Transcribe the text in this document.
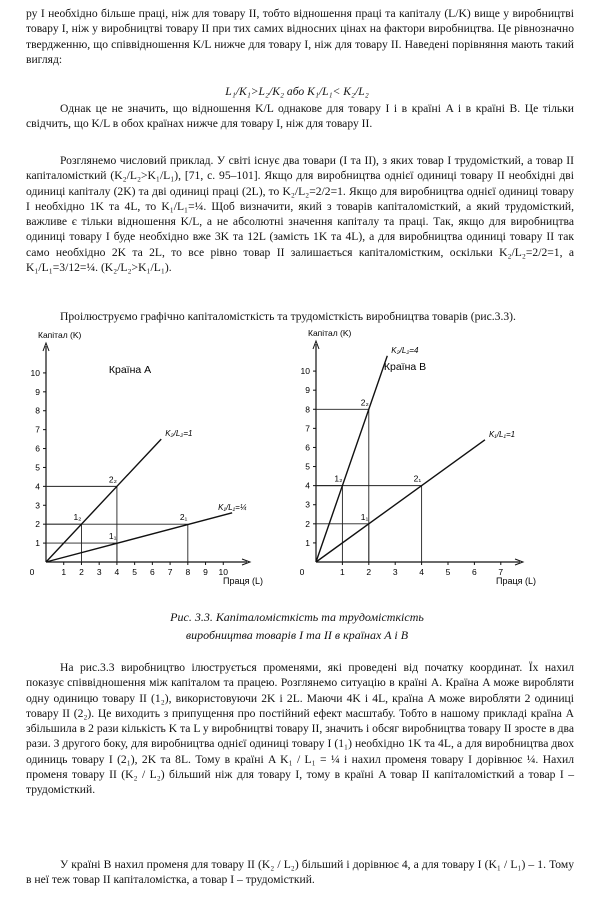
ру І необхідно більше праці, ніж для товару ІІ, тобто відношення праці та капіталу (L/K) вище у виробництві товару І, ніж у виробництві товару ІІ при тих самих відносних цінах на фактори виробництва. Це рівнозначно твердженню, що співвідношення K/L нижче для товару І, ніж для товару ІІ. Наведені порівняння мають такий вигляд:

L₁/K₁>L₂/K₂ або K₁/L₁< K₂/L₂

Однак це не значить, що відношення K/L однакове для товару І і в країні A і в країні B. Це тільки свідчить, що K/L в обох країнах нижче для товару І, ніж для товару ІІ.

Розглянемо числовий приклад. У світі існує два товари (І та ІІ), з яких товар І трудомісткий, а товар ІІ капіталомісткий (K₂/L₂>K₁/L₁), [71, с. 95–101]. Якщо для виробництва однієї одиниці товару ІІ необхідні дві одиниці капіталу (2K) та дві одиниці праці (2L), то K₂/L₂=2/2=1. Якщо для виробництва однієї одиниці товару І необхідно 1K та 4L, то K₁/L₁=¼. Щоб визначити, який з товарів капіталомісткий, а який трудомісткий, важливе є тільки відношення K/L, а не абсолютні значення капіталу та праці. Так, якщо для виробництва одиниці товару І буде необхідно вже 3K та 12L (замість 1K та 4L), а для виробництва одиниці товару ІІ так само необхідно 2K та 2L, то все рівно товар ІІ залишається капіталомістким, оскільки K₂/L₂=2/2=1, а K₁/L₁=3/12=¼. (K₂/L₂>K₁/L₁).

Проілюструємо графічно капіталомісткість та трудомісткість виробництва товарів (рис.3.3).

Капітал (K)
Праця (L)
Країна A
1
2
3
4
5
6
7
8
9
10
0	1 2 3 4 5 6 7 8 9 10
K₂/L₂=1
K₁/L₁=¼
1₂
2₂
1₁
2₁
Капітал (K)
Праця (L)
Країна B
1
2
3
4
5
6
7
8
9
10
0	1	2	3	4	5	6	7
K₂/L₂=4
K₁/L₁=1
1₂
2₂
1₁
2₁
Рис. 3.3. Капіталомісткість та трудомісткість
виробництва товарів І та ІІ в країнах A і B

На рис.3.3 виробництво ілюструється променями, які проведені від початку координат. Їх нахил показує співвідношення між капіталом та працею. Розглянемо ситуацію в країні A. Країна A може виробляти одну одиницю товару ІІ (1₂), використовуючи 2K і 2L. Маючи 4K і 4L, країна A може виробляти 2 одиниці товару ІІ (2₂). Це виходить з припущення про постійний ефект масштабу. Тобто в нашому прикладі країна A збільшила в 2 рази кількість K та L у виробництві товару ІІ, значить і обсяг виробництва товару ІІ зросте в два рази. З другого боку, для виробництва однієї одиниці товару І (1₁) необхідно 1K та 4L, а для виробництва двох одиниць товару І (2₁), 2K та 8L. Тому в країні A K₁ / L₁ = ¼ і нахил променя товару І дорівнює ¼. Нахил променя товару ІІ (K₂ / L₂) більший ніж для товару І, тому в країні A товар ІІ капіталомісткий а товар І – трудомісткий.

У країні B нахил променя для товару ІІ (K₂ / L₂) більший і дорівнює 4, а для товару І (K₁ / L₁) – 1. Тому в неї теж товар ІІ капіталомістка, а товар І – трудомісткий.
